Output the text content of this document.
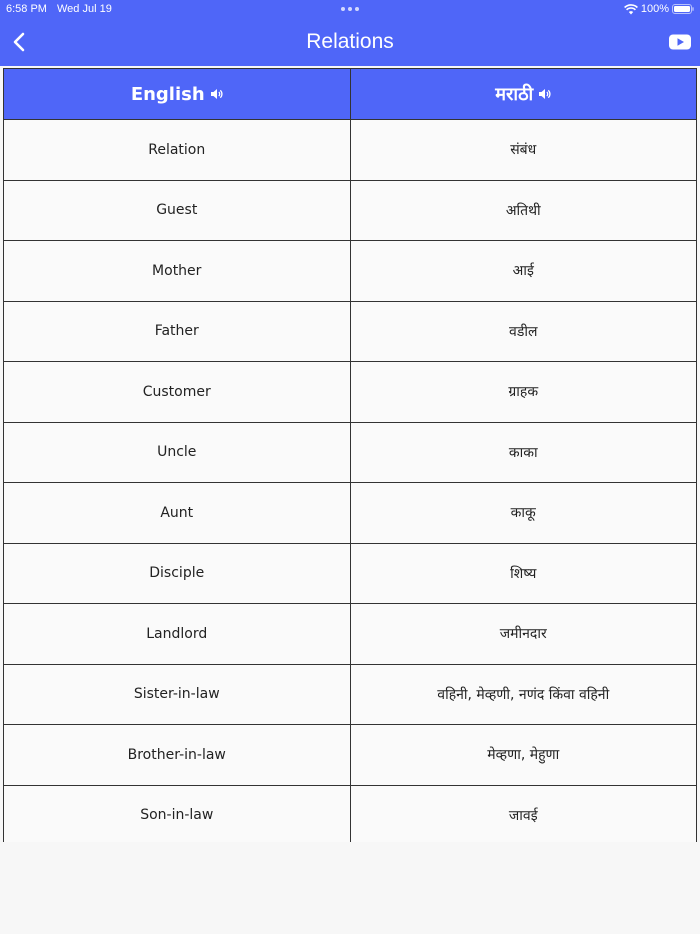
6:58 PM Wed Jul 19	100%
Relations
English	मराठी

Relation	संबंध
Guest	अतिथी
Mother	आई
Father	वडील
Customer	ग्राहक
Uncle	काका
Aunt	काकू
Disciple	शिष्य
Landlord	जमीनदार
Sister-in-law	वहिनी, मेव्हणी, नणंद किंवा वहिनी
Brother-in-law	मेव्हणा, मेहुणा
Son-in-law	जावई
